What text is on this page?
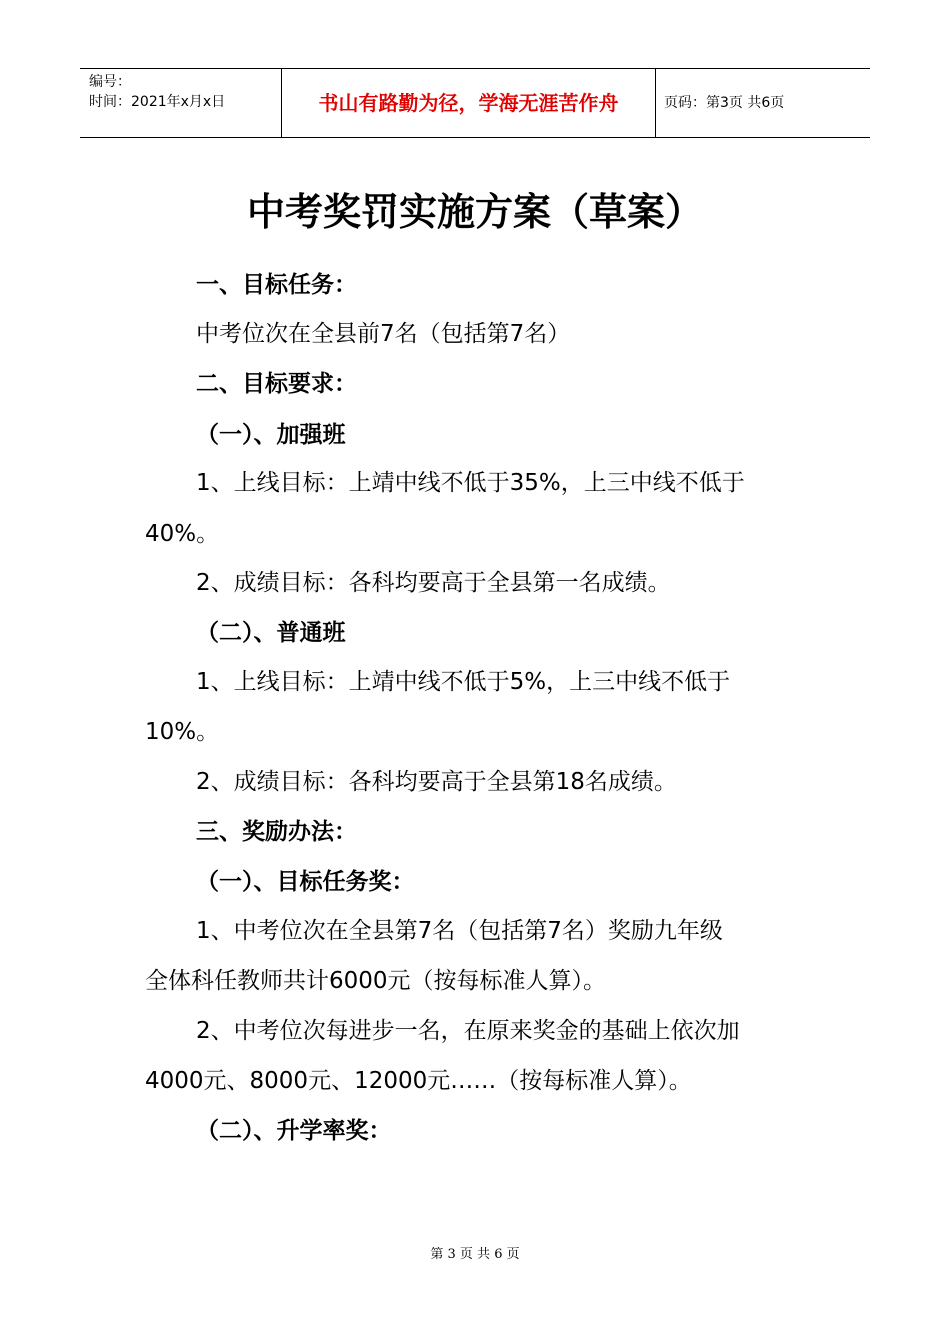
编号：
时间：2021年x月x日	书山有路勤为径，学海无涯苦作舟	页码：第3页 共6页
中考奖罚实施方案（草案）
一、目标任务：
中考位次在全县前7名（包括第7名）
二、目标要求：
（一）、加强班
1、上线目标：上靖中线不低于35%，上三中线不低于
40%。
2、成绩目标：各科均要高于全县第一名成绩。
（二）、普通班
1、上线目标：上靖中线不低于5%，上三中线不低于
10%。
2、成绩目标：各科均要高于全县第18名成绩。
三、奖励办法：
（一）、目标任务奖：
1、中考位次在全县第7名（包括第7名）奖励九年级
全体科任教师共计6000元（按每标准人算）。
2、中考位次每进步一名，在原来奖金的基础上依次加
4000元、8000元、12000元……（按每标准人算）。
（二）、升学率奖：
第 3 页 共 6 页
